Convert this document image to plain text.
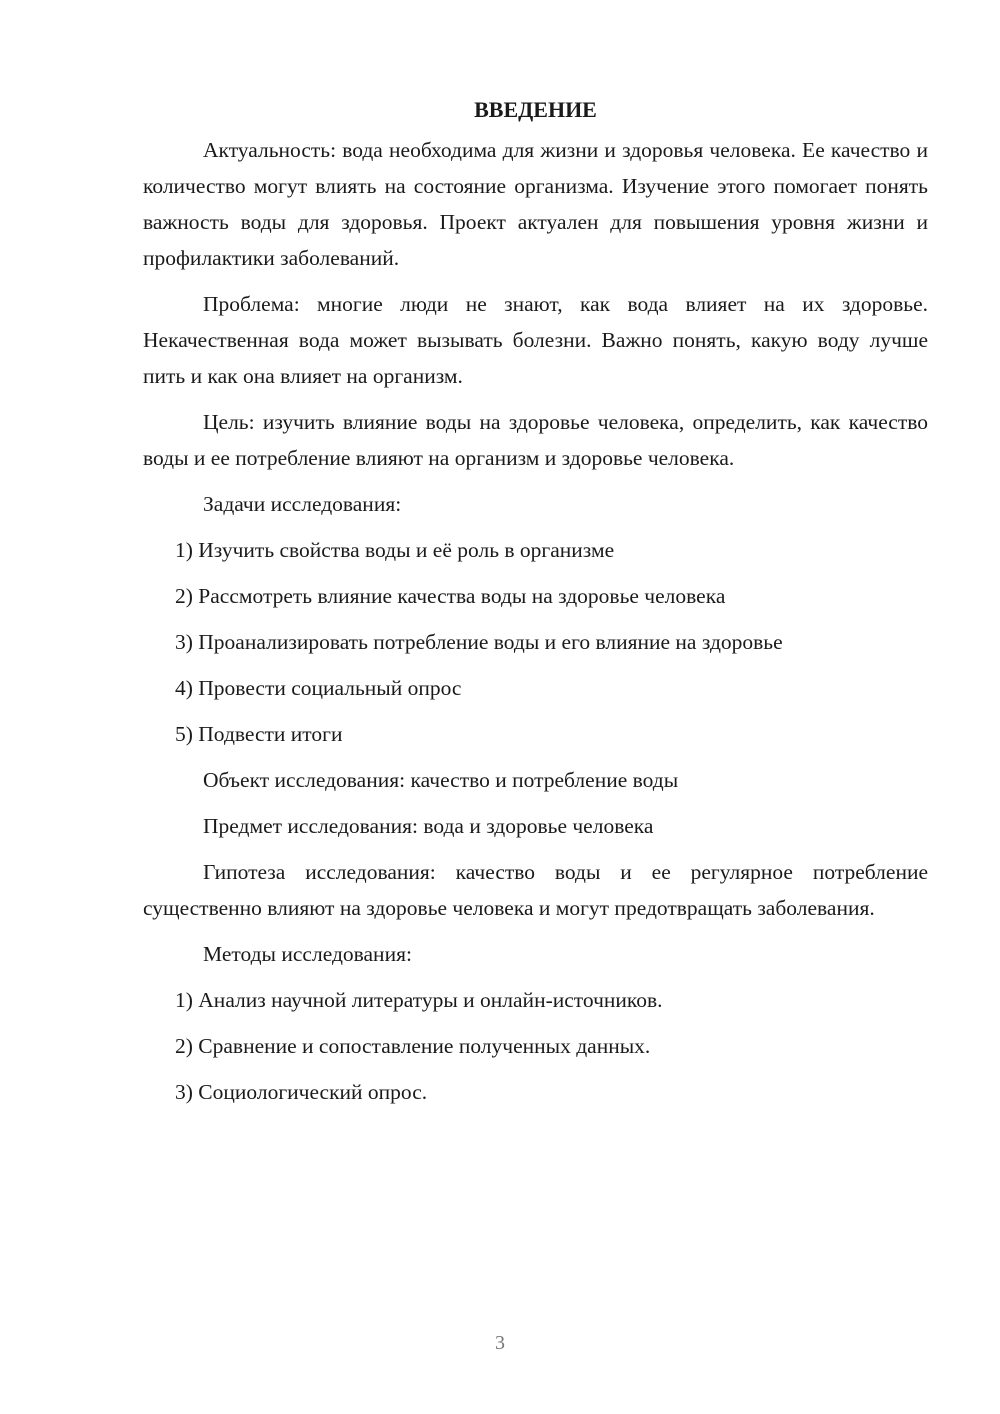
ВВЕДЕНИЕ

Актуальность: вода необходима для жизни и здоровья человека. Ее качество и количество могут влиять на состояние организма. Изучение этого помогает понять важность воды для здоровья. Проект актуален для повышения уровня жизни и профилактики заболеваний.

Проблема: многие люди не знают, как вода влияет на их здоровье. Некачественная вода может вызывать болезни. Важно понять, какую воду лучше пить и как она влияет на организм.

Цель: изучить влияние воды на здоровье человека, определить, как качество воды и ее потребление влияют на организм и здоровье человека.

Задачи исследования:

1) Изучить свойства воды и её роль в организме
2) Рассмотреть влияние качества воды на здоровье человека
3) Проанализировать потребление воды и его влияние на здоровье
4) Провести социальный опрос
5) Подвести итоги

Объект исследования: качество и потребление воды

Предмет исследования: вода и здоровье человека

Гипотеза исследования: качество воды и ее регулярное потребление существенно влияют на здоровье человека и могут предотвращать заболевания.

Методы исследования:

1) Анализ научной литературы и онлайн-источников.
2) Сравнение и сопоставление полученных данных.
3) Социологический опрос.
3
